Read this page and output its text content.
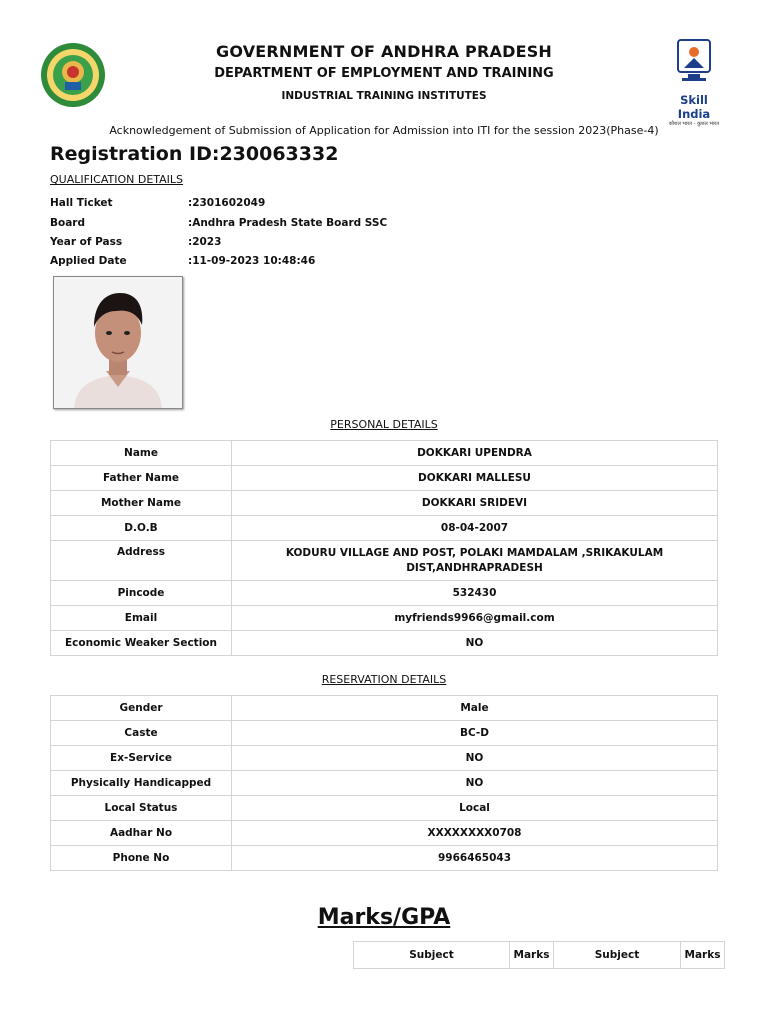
GOVERNMENT OF ANDHRA PRADESH
DEPARTMENT OF EMPLOYMENT AND TRAINING
INDUSTRIAL TRAINING INSTITUTES	Skill India
कौशल भारत - कुशल भारत
Acknowledgement of Submission of Application for Admission into ITI for the session 2023(Phase-4)
Registration ID:230063332
QUALIFICATION DETAILS
Hall Ticket	:2301602049
Board	:Andhra Pradesh State Board SSC
Year of Pass	:2023
Applied Date	:11-09-2023 10:48:46
PERSONAL DETAILS
Name	DOKKARI UPENDRA
Father Name	DOKKARI MALLESU
Mother Name	DOKKARI SRIDEVI
D.O.B	08-04-2007
Address	KODURU VILLAGE AND POST, POLAKI MAMDALAM ,SRIKAKULAM DIST,ANDHRAPRADESH
Pincode	532430
Email	myfriends9966@gmail.com
Economic Weaker Section	NO
RESERVATION DETAILS
Gender	Male
Caste	BC-D
Ex-Service	NO
Physically Handicapped	NO
Local Status	Local
Aadhar No	XXXXXXXX0708
Phone No	9966465043
Marks/GPA
Subject	Marks	Subject	Marks
